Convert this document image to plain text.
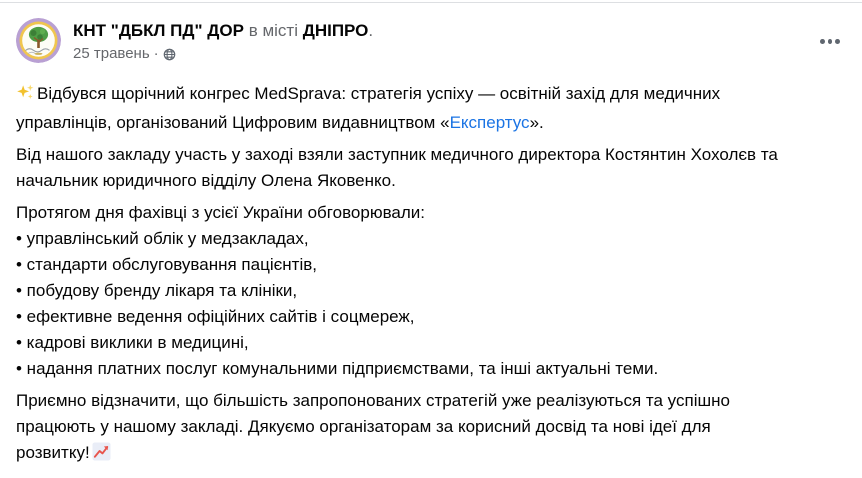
КНТ "ДБКЛ ПД" ДОР в місті ДНІПРО.
25 травень ·
Відбувся щорічний конгрес MedSprava: стратегія успіху — освітній захід для медичних
управлінців, організований Цифровим видавництвом «Експертус».
Від нашого закладу участь у заході взяли заступник медичного директора Костянтин Хохолєв та
начальник юридичного відділу Олена Яковенко.
Протягом дня фахівці з усієї України обговорювали:
• управлінський облік у медзакладах,
• стандарти обслуговування пацієнтів,
• побудову бренду лікаря та клініки,
• ефективне ведення офіційних сайтів і соцмереж,
• кадрові виклики в медицині,
• надання платних послуг комунальними підприємствами, та інші актуальні теми.
Приємно відзначити, що більшість запропонованих стратегій уже реалізуються та успішно
працюють у нашому закладі. Дякуємо організаторам за корисний досвід та нові ідеї для
розвитку!
